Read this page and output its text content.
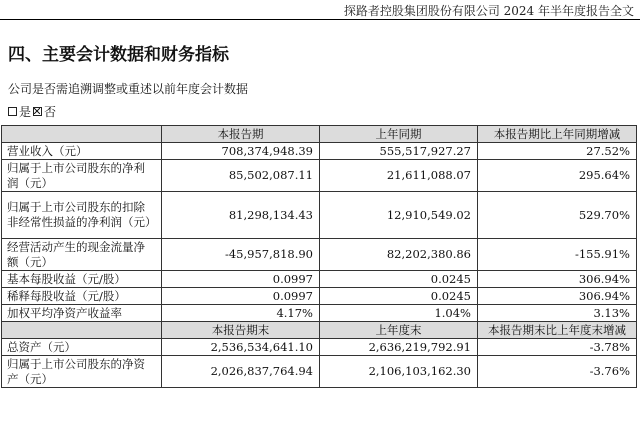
探路者控股集团股份有限公司 2024 年半年度报告全文
四、主要会计数据和财务指标
公司是否需追溯调整或重述以前年度会计数据
是 否
	本报告期	上年同期	本报告期比上年同期增减
营业收入（元）	708,374,948.39	555,517,927.27	27.52%
归属于上市公司股东的净利润（元）	85,502,087.11	21,611,088.07	295.64%
归属于上市公司股东的扣除非经常性损益的净利润（元）	81,298,134.43	12,910,549.02	529.70%
经营活动产生的现金流量净额（元）	-45,957,818.90	82,202,380.86	-155.91%
基本每股收益（元/股）	0.0997	0.0245	306.94%
稀释每股收益（元/股）	0.0997	0.0245	306.94%
加权平均净资产收益率	4.17%	1.04%	3.13%
	本报告期末	上年度末	本报告期末比上年度末增减
总资产（元）	2,536,534,641.10	2,636,219,792.91	-3.78%
归属于上市公司股东的净资产（元）	2,026,837,764.94	2,106,103,162.30	-3.76%
